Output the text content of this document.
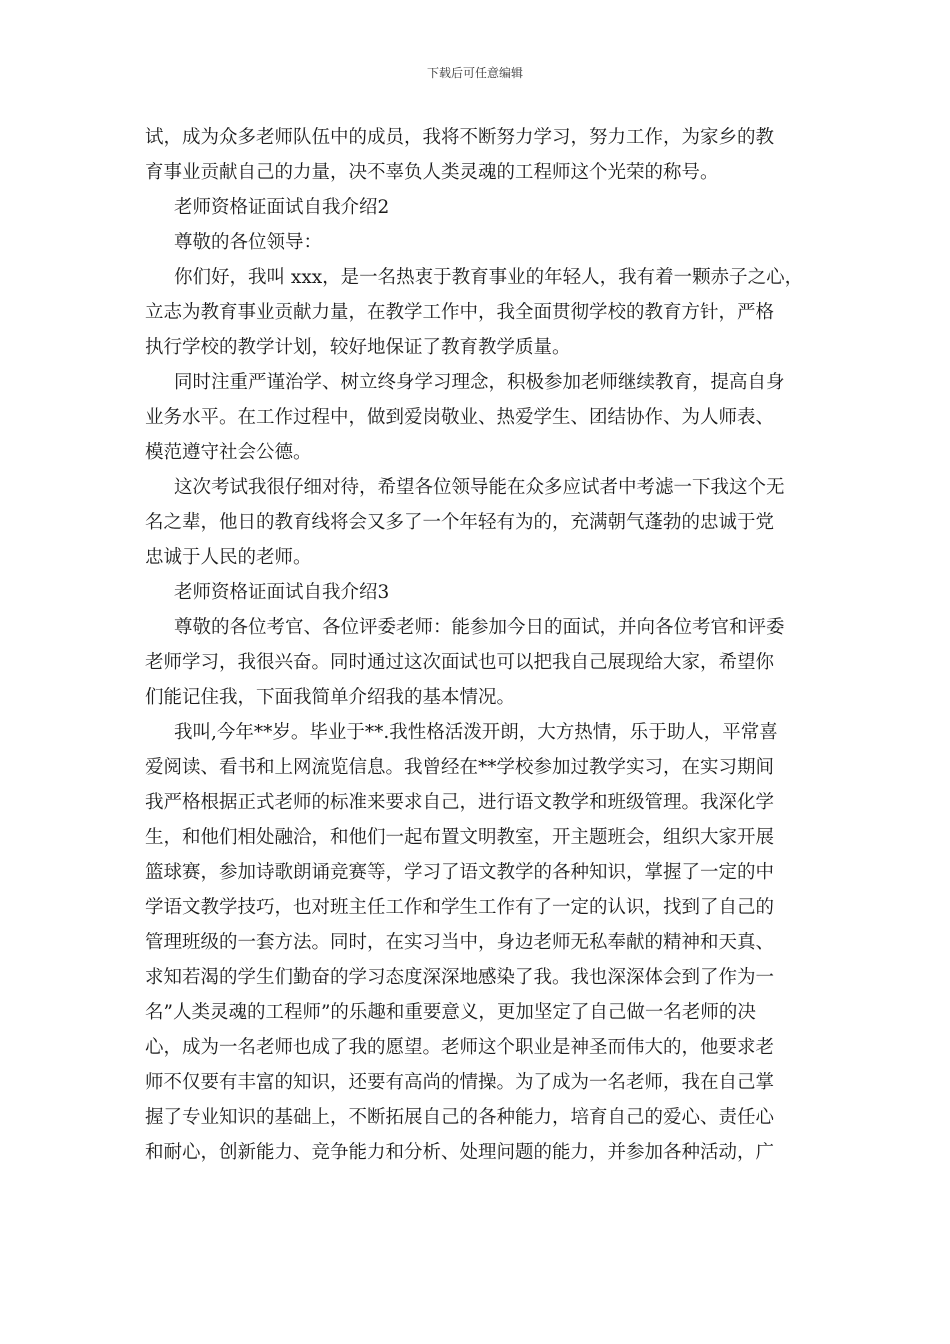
下载后可任意编辑
试，成为众多老师队伍中的成员，我将不断努力学习，努力工作，为家乡的教
育事业贡献自己的力量，决不辜负人类灵魂的工程师这个光荣的称号。
老师资格证面试自我介绍2
尊敬的各位领导：
你们好，我叫 xxx，是一名热衷于教育事业的年轻人，我有着一颗赤子之心，
立志为教育事业贡献力量，在教学工作中，我全面贯彻学校的教育方针，严格
执行学校的教学计划，较好地保证了教育教学质量。
同时注重严谨治学、树立终身学习理念，积极参加老师继续教育，提高自身
业务水平。在工作过程中，做到爱岗敬业、热爱学生、团结协作、为人师表、
模范遵守社会公德。
这次考试我很仔细对待，希望各位领导能在众多应试者中考滤一下我这个无
名之辈，他日的教育线将会又多了一个年轻有为的，充满朝气蓬勃的忠诚于党
忠诚于人民的老师。
老师资格证面试自我介绍3
尊敬的各位考官、各位评委老师：能参加今日的面试，并向各位考官和评委
老师学习，我很兴奋。同时通过这次面试也可以把我自己展现给大家，希望你
们能记住我，下面我简单介绍我的基本情况。
我叫,今年**岁。毕业于**.我性格活泼开朗，大方热情，乐于助人，平常喜
爱阅读、看书和上网流览信息。我曾经在**学校参加过教学实习，在实习期间
我严格根据正式老师的标准来要求自己，进行语文教学和班级管理。我深化学
生，和他们相处融洽，和他们一起布置文明教室，开主题班会，组织大家开展
篮球赛，参加诗歌朗诵竞赛等，学习了语文教学的各种知识，掌握了一定的中
学语文教学技巧，也对班主任工作和学生工作有了一定的认识，找到了自己的
管理班级的一套方法。同时，在实习当中，身边老师无私奉献的精神和天真、
求知若渴的学生们勤奋的学习态度深深地感染了我。我也深深体会到了作为一
名”人类灵魂的工程师”的乐趣和重要意义，更加坚定了自己做一名老师的决
心，成为一名老师也成了我的愿望。老师这个职业是神圣而伟大的，他要求老
师不仅要有丰富的知识，还要有高尚的情操。为了成为一名老师，我在自己掌
握了专业知识的基础上，不断拓展自己的各种能力，培育自己的爱心、责任心
和耐心，创新能力、竞争能力和分析、处理问题的能力，并参加各种活动，广
